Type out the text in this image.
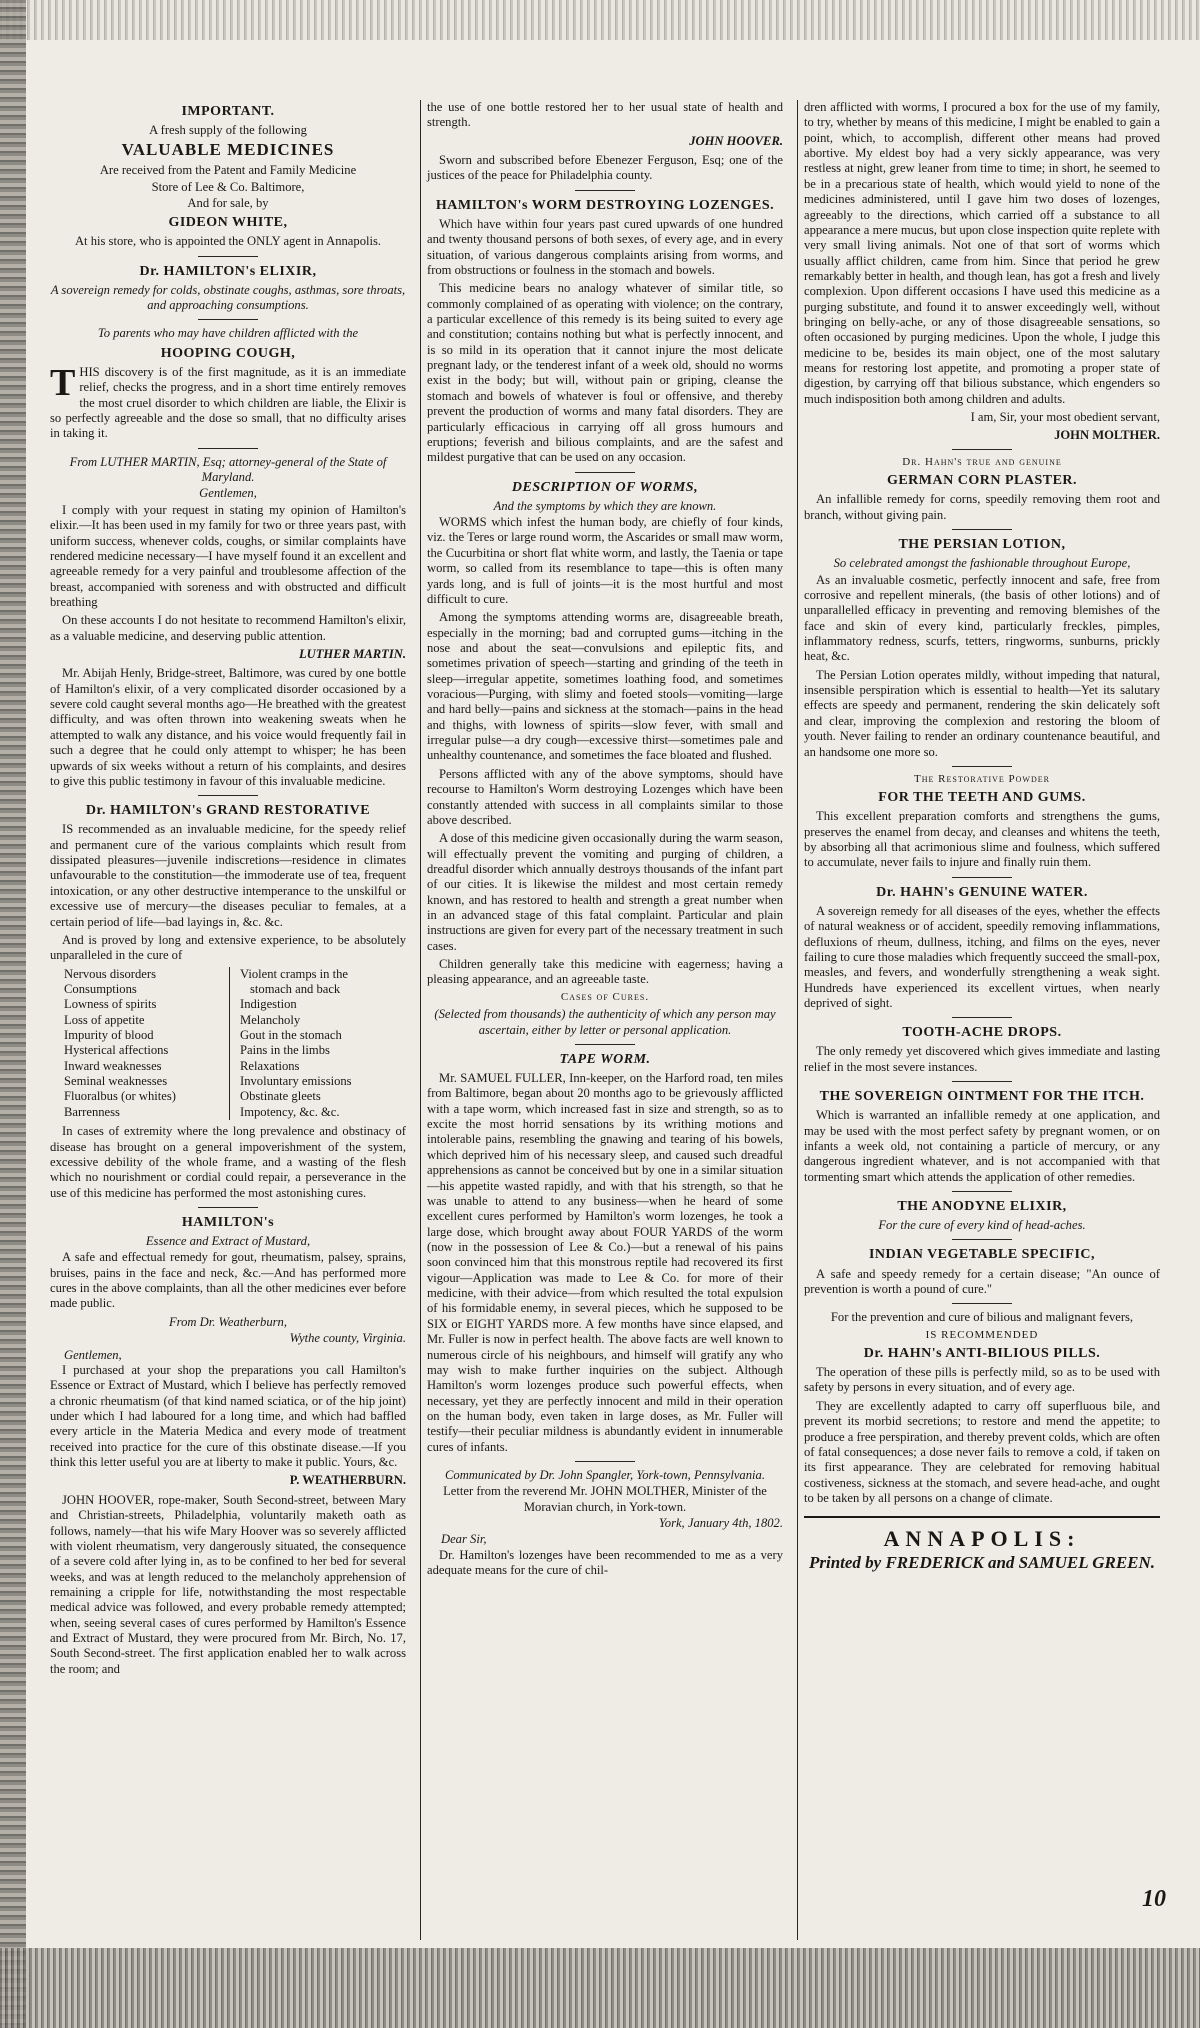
IMPORTANT.
A fresh supply of the following
VALUABLE MEDICINES
Are received from the Patent and Family Medicine
Store of Lee & Co. Baltimore,
And for sale, by
GIDEON WHITE,
At his store, who is appointed the ONLY agent in Annapolis.
Dr. HAMILTON's ELIXIR,
A sovereign remedy for colds, obstinate coughs, asthmas, sore throats, and approaching consumptions.
To parents who may have children afflicted with the
HOOPING COUGH,

THIS discovery is of the first magnitude, as it is an immediate relief, checks the progress, and in a short time entirely removes the most cruel disorder to which children are liable, the Elixir is so perfectly agreeable and the dose so small, that no difficulty arises in taking it.

From LUTHER MARTIN, Esq; attorney-general of the State of Maryland.
Gentlemen,

I comply with your request in stating my opinion of Hamilton's elixir.—It has been used in my family for two or three years past, with uniform success, whenever colds, coughs, or similar complaints have rendered medicine necessary—I have myself found it an excellent and agreeable remedy for a very painful and troublesome affection of the breast, accompanied with soreness and with obstructed and difficult breathing

On these accounts I do not hesitate to recommend Hamilton's elixir, as a valuable medicine, and deserving public attention.

LUTHER MARTIN.

Mr. Abijah Henly, Bridge-street, Baltimore, was cured by one bottle of Hamilton's elixir, of a very complicated disorder occasioned by a severe cold caught several months ago—He breathed with the greatest difficulty, and was often thrown into weakening sweats when he attempted to walk any distance, and his voice would frequently fail in such a degree that he could only attempt to whisper; he has been upwards of six weeks without a return of his complaints, and desires to give this public testimony in favour of this invaluable medicine.

Dr. HAMILTON's GRAND RESTORATIVE

IS recommended as an invaluable medicine, for the speedy relief and permanent cure of the various complaints which result from dissipated pleasures—juvenile indiscretions—residence in climates unfavourable to the constitution—the immoderate use of tea, frequent intoxication, or any other destructive intemperance to the unskilful or excessive use of mercury—the diseases peculiar to females, at a certain period of life—bad layings in, &c. &c.

And is proved by long and extensive experience, to be absolutely unparalleled in the cure of

Nervous disorders
Consumptions
Lowness of spirits
Loss of appetite
Impurity of blood
Hysterical affections
Inward weaknesses
Seminal weaknesses
Fluoralbus (or whites)
Barrenness
Violent cramps in the
stomach and back
Indigestion
Melancholy
Gout in the stomach
Pains in the limbs
Relaxations
Involuntary emissions
Obstinate gleets
Impotency, &c. &c.

In cases of extremity where the long prevalence and obstinacy of disease has brought on a general impoverishment of the system, excessive debility of the whole frame, and a wasting of the flesh which no nourishment or cordial could repair, a perseverance in the use of this medicine has performed the most astonishing cures.

HAMILTON's
Essence and Extract of Mustard,

A safe and effectual remedy for gout, rheumatism, palsey, sprains, bruises, pains in the face and neck, &c.—And has performed more cures in the above complaints, than all the other medicines ever before made public.

From Dr. Weatherburn,
Wythe county, Virginia.
Gentlemen,

I purchased at your shop the preparations you call Hamilton's Essence or Extract of Mustard, which I believe has perfectly removed a chronic rheumatism (of that kind named sciatica, or of the hip joint) under which I had laboured for a long time, and which had baffled every article in the Materia Medica and every mode of treatment received into practice for the cure of this obstinate disease.—If you think this letter useful you are at liberty to make it public. Yours, &c.

P. WEATHERBURN.

JOHN HOOVER, rope-maker, South Second-street, between Mary and Christian-streets, Philadelphia, voluntarily maketh oath as follows, namely—that his wife Mary Hoover was so severely afflicted with violent rheumatism, very dangerously situated, the consequence of a severe cold after lying in, as to be confined to her bed for several weeks, and was at length reduced to the melancholy apprehension of remaining a cripple for life, notwithstanding the most respectable medical advice was followed, and every probable remedy attempted; when, seeing several cases of cures performed by Hamilton's Essence and Extract of Mustard, they were procured from Mr. Birch, No. 17, South Second-street. The first application enabled her to walk across the room; and

the use of one bottle restored her to her usual state of health and strength.

JOHN HOOVER.

Sworn and subscribed before Ebenezer Ferguson, Esq; one of the justices of the peace for Philadelphia county.

HAMILTON's WORM DESTROYING LOZENGES.

Which have within four years past cured upwards of one hundred and twenty thousand persons of both sexes, of every age, and in every situation, of various dangerous complaints arising from worms, and from obstructions or foulness in the stomach and bowels.

This medicine bears no analogy whatever of similar title, so commonly complained of as operating with violence; on the contrary, a particular excellence of this remedy is its being suited to every age and constitution; contains nothing but what is perfectly innocent, and is so mild in its operation that it cannot injure the most delicate pregnant lady, or the tenderest infant of a week old, should no worms exist in the body; but will, without pain or griping, cleanse the stomach and bowels of whatever is foul or offensive, and thereby prevent the production of worms and many fatal disorders. They are particularly efficacious in carrying off all gross humours and eruptions; feverish and bilious complaints, and are the safest and mildest purgative that can be used on any occasion.

DESCRIPTION OF WORMS,
And the symptoms by which they are known.

WORMS which infest the human body, are chiefly of four kinds, viz. the Teres or large round worm, the Ascarides or small maw worm, the Cucurbitina or short flat white worm, and lastly, the Taenia or tape worm, so called from its resemblance to tape—this is often many yards long, and is full of joints—it is the most hurtful and most difficult to cure.

Among the symptoms attending worms are, disagreeable breath, especially in the morning; bad and corrupted gums—itching in the nose and about the seat—convulsions and epileptic fits, and sometimes privation of speech—starting and grinding of the teeth in sleep—irregular appetite, sometimes loathing food, and sometimes voracious—Purging, with slimy and foeted stools—vomiting—large and hard belly—pains and sickness at the stomach—pains in the head and thighs, with lowness of spirits—slow fever, with small and irregular pulse—a dry cough—excessive thirst—sometimes pale and unhealthy countenance, and sometimes the face bloated and flushed.

Persons afflicted with any of the above symptoms, should have recourse to Hamilton's Worm destroying Lozenges which have been constantly attended with success in all complaints similar to those above described.

A dose of this medicine given occasionally during the warm season, will effectually prevent the vomiting and purging of children, a dreadful disorder which annually destroys thousands of the infant part of our cities. It is likewise the mildest and most certain remedy known, and has restored to health and strength a great number when in an advanced stage of this fatal complaint. Particular and plain instructions are given for every part of the necessary treatment in such cases.

Children generally take this medicine with eagerness; having a pleasing appearance, and an agreeable taste.

Cases of Cures.
(Selected from thousands) the authenticity of which any person may ascertain, either by letter or personal application.
TAPE WORM.

Mr. SAMUEL FULLER, Inn-keeper, on the Harford road, ten miles from Baltimore, began about 20 months ago to be grievously afflicted with a tape worm, which increased fast in size and strength, so as to excite the most horrid sensations by its writhing motions and intolerable pains, resembling the gnawing and tearing of his bowels, which deprived him of his necessary sleep, and caused such dreadful apprehensions as cannot be conceived but by one in a similar situation—his appetite wasted rapidly, and with that his strength, so that he was unable to attend to any business—when he heard of some excellent cures performed by Hamilton's worm lozenges, he took a large dose, which brought away about FOUR YARDS of the worm (now in the possession of Lee & Co.)—but a renewal of his pains soon convinced him that this monstrous reptile had recovered its first vigour—Application was made to Lee & Co. for more of their medicine, with their advice—from which resulted the total expulsion of his formidable enemy, in several pieces, which he supposed to be SIX or EIGHT YARDS more. A few months have since elapsed, and Mr. Fuller is now in perfect health. The above facts are well known to numerous circle of his neighbours, and himself will gratify any who may wish to make further inquiries on the subject. Although Hamilton's worm lozenges produce such powerful effects, when necessary, yet they are perfectly innocent and mild in their operation on the human body, even taken in large doses, as Mr. Fuller will testify—their peculiar mildness is abundantly evident in innumerable cures of infants.

Communicated by Dr. John Spangler, York-town, Pennsylvania.
Letter from the reverend Mr. JOHN MOLTHER, Minister of the Moravian church, in York-town.
York, January 4th, 1802.
Dear Sir,

Dr. Hamilton's lozenges have been recommended to me as a very adequate means for the cure of chil-

dren afflicted with worms, I procured a box for the use of my family, to try, whether by means of this medicine, I might be enabled to gain a point, which, to accomplish, different other means had proved abortive. My eldest boy had a very sickly appearance, was very restless at night, grew leaner from time to time; in short, he seemed to be in a precarious state of health, which would yield to none of the medicines administered, until I gave him two doses of lozenges, agreeably to the directions, which carried off a substance to all appearance a mere mucus, but upon close inspection quite replete with very small living animals. Not one of that sort of worms which usually afflict children, came from him. Since that period he grew remarkably better in health, and though lean, has got a fresh and lively complexion. Upon different occasions I have used this medicine as a purging substitute, and found it to answer exceedingly well, without bringing on belly-ache, or any of those disagreeable sensations, so often occasioned by purging medicines. Upon the whole, I judge this medicine to be, besides its main object, one of the most salutary means for restoring lost appetite, and promoting a proper state of digestion, by carrying off that bilious substance, which engenders so much indisposition both among children and adults.

I am, Sir, your most obedient servant,
JOHN MOLTHER.
Dr. Hahn's true and genuine
GERMAN CORN PLASTER.

An infallible remedy for corns, speedily removing them root and branch, without giving pain.

THE PERSIAN LOTION,
So celebrated amongst the fashionable throughout Europe,

As an invaluable cosmetic, perfectly innocent and safe, free from corrosive and repellent minerals, (the basis of other lotions) and of unparallelled efficacy in preventing and removing blemishes of the face and skin of every kind, particularly freckles, pimples, inflammatory redness, scurfs, tetters, ringworms, sunburns, prickly heat, &c.

The Persian Lotion operates mildly, without impeding that natural, insensible perspiration which is essential to health—Yet its salutary effects are speedy and permanent, rendering the skin delicately soft and clear, improving the complexion and restoring the bloom of youth. Never failing to render an ordinary countenance beautiful, and an handsome one more so.

The Restorative Powder
FOR THE TEETH AND GUMS.

This excellent preparation comforts and strengthens the gums, preserves the enamel from decay, and cleanses and whitens the teeth, by absorbing all that acrimonious slime and foulness, which suffered to accumulate, never fails to injure and finally ruin them.

Dr. HAHN's GENUINE WATER.

A sovereign remedy for all diseases of the eyes, whether the effects of natural weakness or of accident, speedily removing inflammations, defluxions of rheum, dullness, itching, and films on the eyes, never failing to cure those maladies which frequently succeed the small-pox, measles, and fevers, and wonderfully strengthening a weak sight. Hundreds have experienced its excellent virtues, when nearly deprived of sight.

TOOTH-ACHE DROPS.

The only remedy yet discovered which gives immediate and lasting relief in the most severe instances.

THE SOVEREIGN OINTMENT FOR THE ITCH.

Which is warranted an infallible remedy at one application, and may be used with the most perfect safety by pregnant women, or on infants a week old, not containing a particle of mercury, or any dangerous ingredient whatever, and is not accompanied with that tormenting smart which attends the application of other remedies.

THE ANODYNE ELIXIR,
For the cure of every kind of head-aches.
INDIAN VEGETABLE SPECIFIC,

A safe and speedy remedy for a certain disease; "An ounce of prevention is worth a pound of cure."

For the prevention and cure of bilious and malignant fevers,
IS RECOMMENDED
Dr. HAHN's ANTI-BILIOUS PILLS.

The operation of these pills is perfectly mild, so as to be used with safety by persons in every situation, and of every age.

They are excellently adapted to carry off superfluous bile, and prevent its morbid secretions; to restore and mend the appetite; to produce a free perspiration, and thereby prevent colds, which are often of fatal consequences; a dose never fails to remove a cold, if taken on its first appearance. They are celebrated for removing habitual costiveness, sickness at the stomach, and severe head-ache, and ought to be taken by all persons on a change of climate.

ANNAPOLIS:
Printed by FREDERICK and SAMUEL GREEN.
10
